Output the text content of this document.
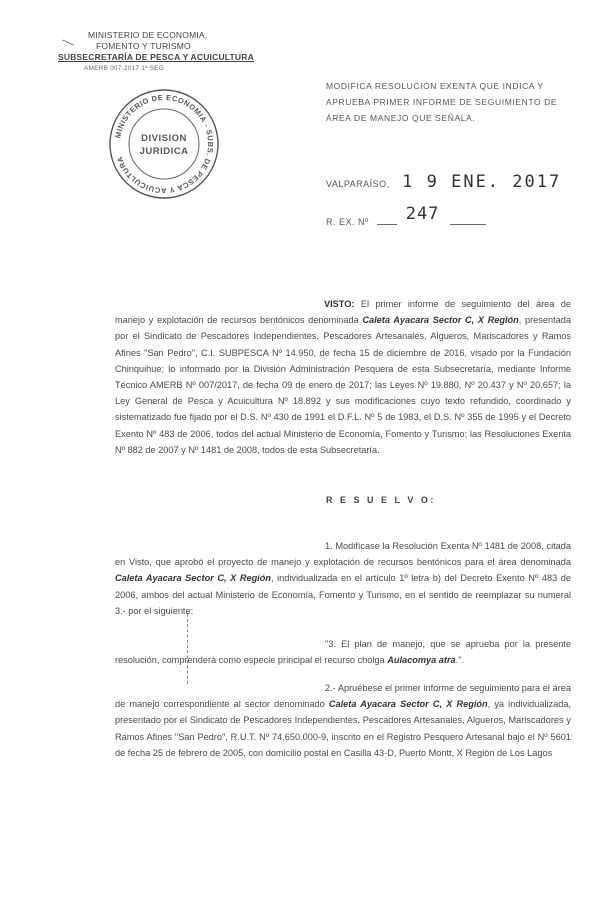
MINISTERIO DE ECONOMIA,
FOMENTO Y TURISMO
SUBSECRETARÍA DE PESCA Y ACUICULTURA
AMERB 007-2017 1ª SEG
MINISTERIO DE ECONOMIA - SUBS. DE PESCA Y ACUICULTURA
DIVISION
JURIDICA
MODIFICA RESOLUCIÓN EXENTA QUE INDICA Y
APRUEBA PRIMER INFORME DE SEGUIMIENTO DE
ÁREA DE MANEJO QUE SEÑALA.
VALPARAÍSO, 1 9 ENE. 2017
R. EX. Nº 247
VISTO: El primer informe de seguimiento del área de manejo y explotación de recursos bentónicos denominada Caleta Ayacara Sector C, X Región, presentada por el Sindicato de Pescadores Independientes, Pescadores Artesanales, Algueros, Mariscadores y Ramos Afines "San Pedro", C.I. SUBPESCA Nº 14.950, de fecha 15 de diciembre de 2016, visado por la Fundación Chinquihue; lo informado por la División Administración Pesquera de esta Subsecretaría, mediante Informe Técnico AMERB Nº 007/2017, de fecha 09 de enero de 2017; las Leyes Nº 19.880, Nº 20.437 y Nº 20.657; la Ley General de Pesca y Acuicultura Nº 18.892 y sus modificaciones cuyo texto refundido, coordinado y sistematizado fue fijado por el D.S. Nº 430 de 1991 el D.F.L. Nº 5 de 1983, el D.S. Nº 355 de 1995 y el Decreto Exento Nº 483 de 2006, todos del actual Ministerio de Economía, Fomento y Turismo; las Resoluciones Exenta Nº 882 de 2007 y Nº 1481 de 2008, todos de esta Subsecretaría.
R E S U E L V O:
1. Modifícase la Resolución Exenta Nº 1481 de 2008, citada en Visto, que aprobó el proyecto de manejo y explotación de recursos bentónicos para el área denominada Caleta Ayacara Sector C, X Región, individualizada en el artículo 1º letra b) del Decreto Exento Nº 483 de 2006, ambos del actual Ministerio de Economía, Fomento y Turismo, en el sentido de reemplazar su numeral 3.- por el siguiente:
"3. El plan de manejo, que se aprueba por la presente resolución, comprenderá como especie principal el recurso cholga Aulacomya atra.".
2.- Apruébese el primer informe de seguimiento para el área de manejo correspondiente al sector denominado Caleta Ayacara Sector C, X Región, ya individualizada, presentado por el Sindicato de Pescadores Independientes, Pescadores Artesanales, Algueros, Mariscadores y Ramos Afines "San Pedro", R.U.T. Nº 74.650.000-9, inscrito en el Registro Pesquero Artesanal bajo el Nº 5601 de fecha 25 de febrero de 2005, con domicilio postal en Casilla 43-D, Puerto Montt, X Región de Los Lagos
